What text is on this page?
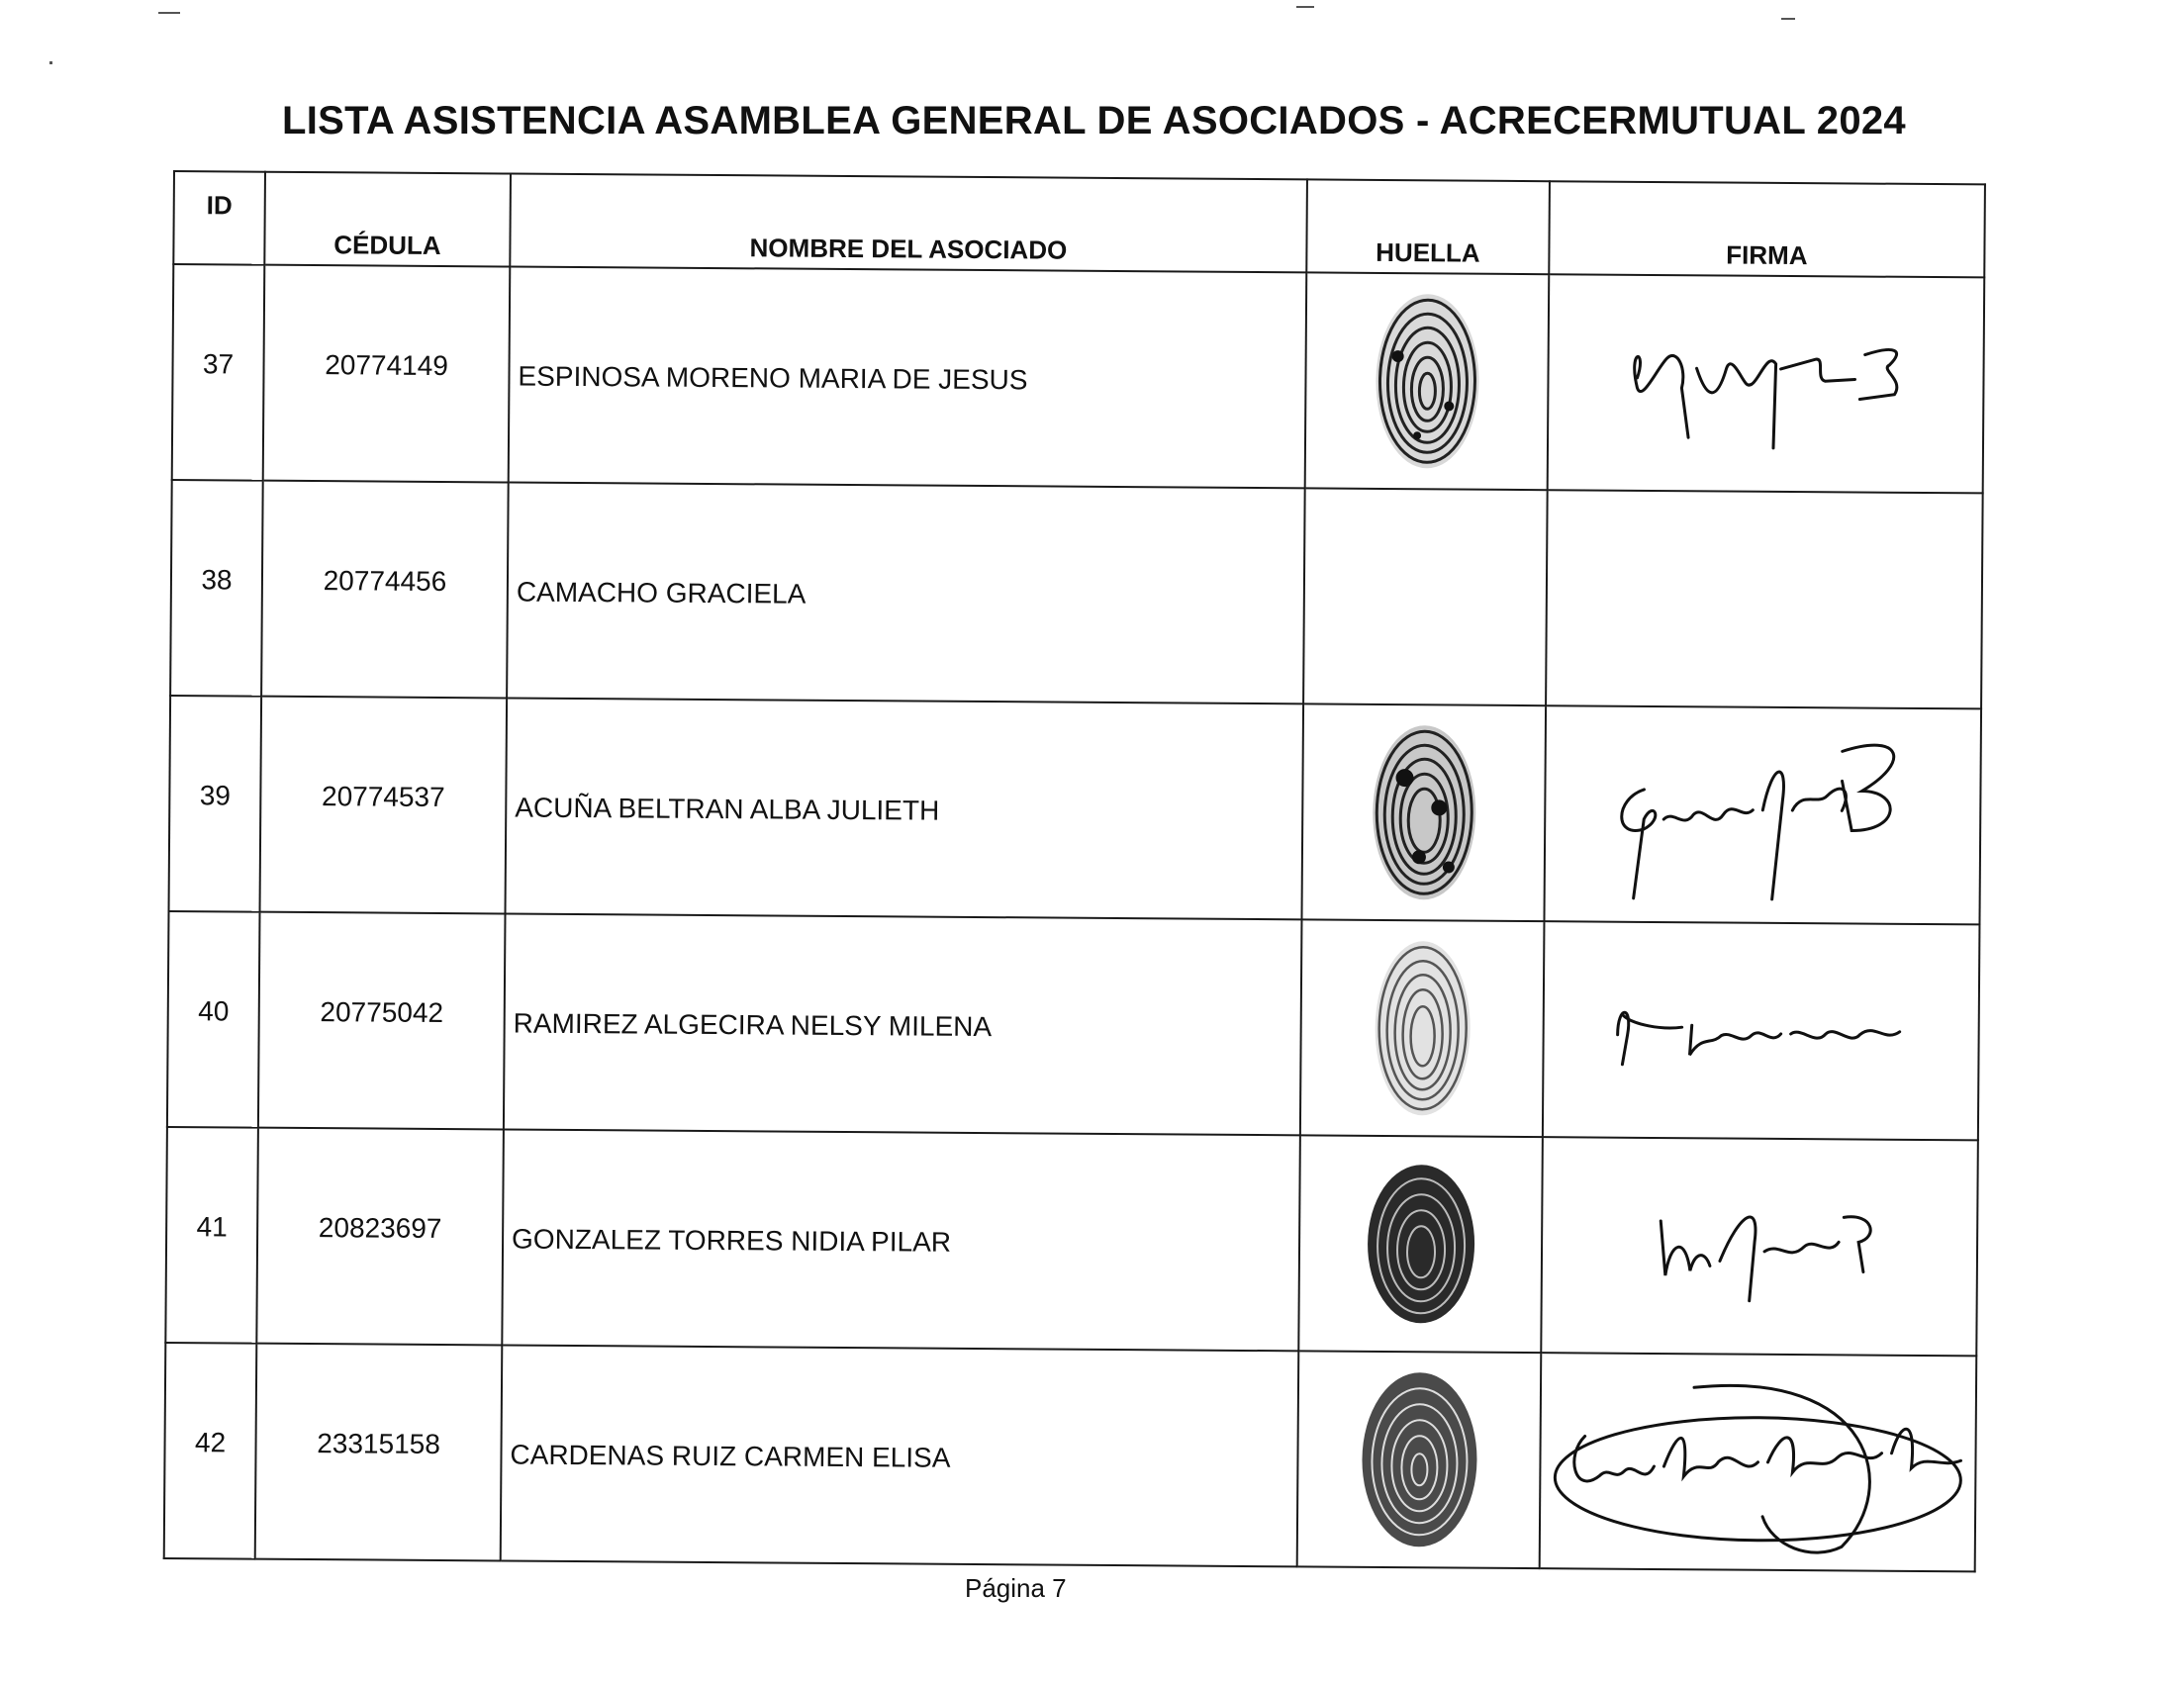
LISTA ASISTENCIA ASAMBLEA GENERAL DE ASOCIADOS - ACRECERMUTUAL 2024
ID	CÉDULA	NOMBRE DEL ASOCIADO	HUELLA	FIRMA
37	20774149	ESPINOSA MORENO MARIA DE JESUS	

38	20774456	CAMACHO GRACIELA		
39	20774537	ACUÑA BELTRAN ALBA JULIETH	

40	20775042	RAMIREZ ALGECIRA NELSY MILENA	

41	20823697	GONZALEZ TORRES NIDIA PILAR	

42	23315158	CARDENAS RUIZ CARMEN ELISA	

Página 7
